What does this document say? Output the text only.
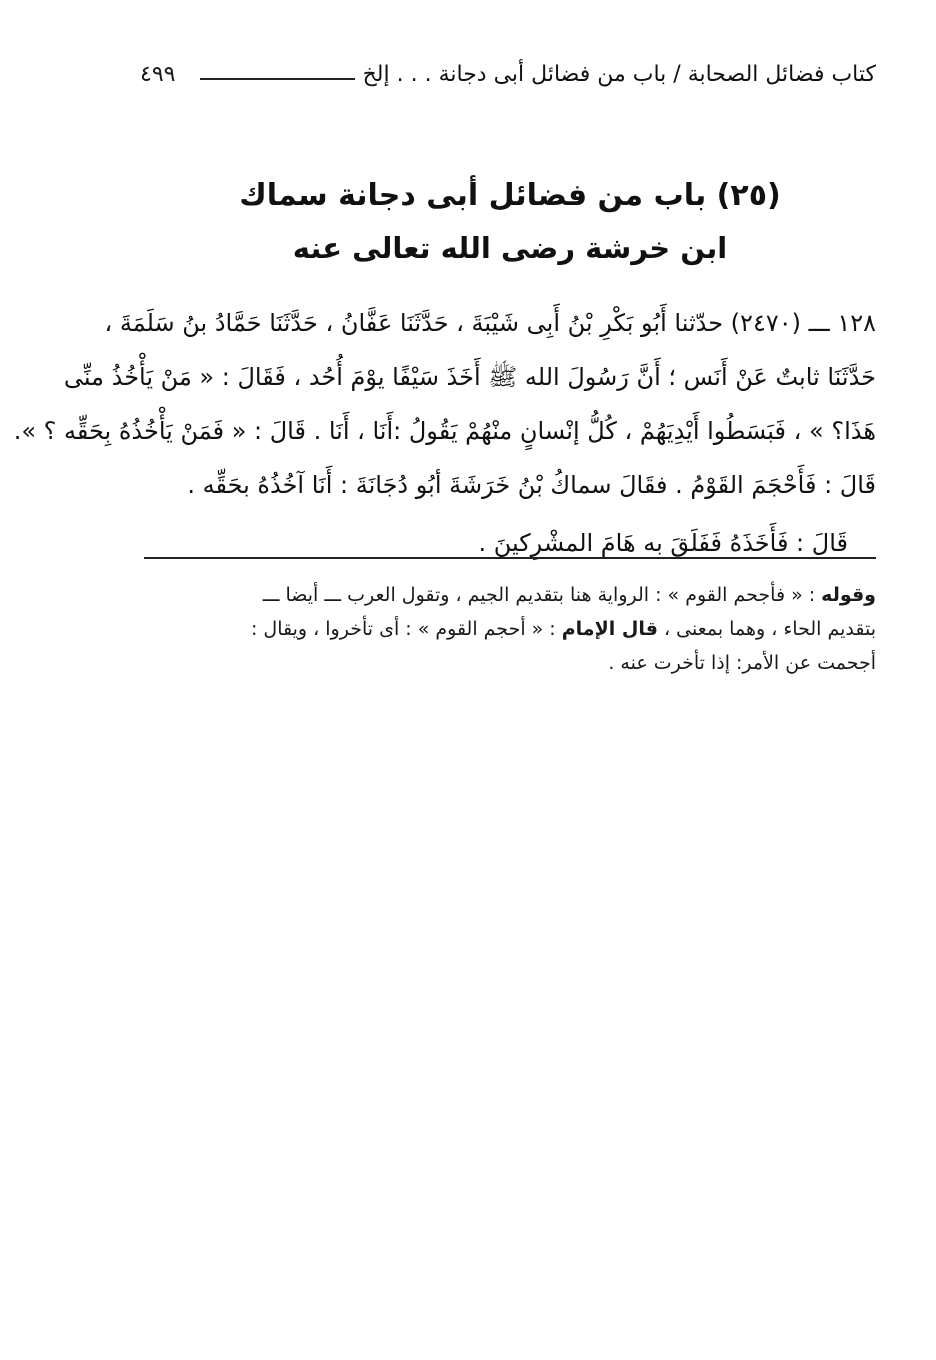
٤٩٩	كتاب فضائل الصحابة / باب من فضائل أبى دجانة . . . إلخ
(٢٥) باب من فضائل أبى دجانة سماك
ابن خرشة رضى الله تعالى عنه
١٢٨ ـــ (٢٤٧٠) حدّثنا أَبُو بَكْرِ بْنُ أَبِى شَيْبَةَ ، حَدَّثَنَا عَفَّانُ ، حَدَّثَنَا حَمَّادُ بنُ سَلَمَةَ ،
حَدَّثَنَا ثابتٌ عَنْ أَنَس ؛ أَنَّ رَسُولَ الله ﷺ أَخَذَ سَيْفًا يوْمَ أُحُد ، فَقَالَ : « مَنْ يَأْخُذُ منِّى
هَذَا؟ » ، فَبَسَطُوا أَيْدِيَهُمْ ، كُلُّ إنْسانٍ منْهُمْ يَقُولُ :أَنَا ، أَنَا . قَالَ : « فَمَنْ يَأْخُذُهُ بِحَقِّه ؟ ».
قَالَ : فَأَحْجَمَ القَوْمُ . فقَالَ سماكُ بْنُ خَرَشَةَ أبُو دُجَانَةَ : أَنَا آخُذُهُ بحَقِّه .
قَالَ : فَأَخَذَهُ فَفَلَقَ به هَامَ المشْرِكينَ .
وقوله : « فأجحم القوم » : الرواية هنا بتقديم الجيم ، وتقول العرب ـــ أيضا ـــ
بتقديم الحاء ، وهما بمعنى ، قال الإمام : « أحجم القوم » : أى تأخروا ، ويقال :
أجحمت عن الأمر: إذا تأخرت عنه .
